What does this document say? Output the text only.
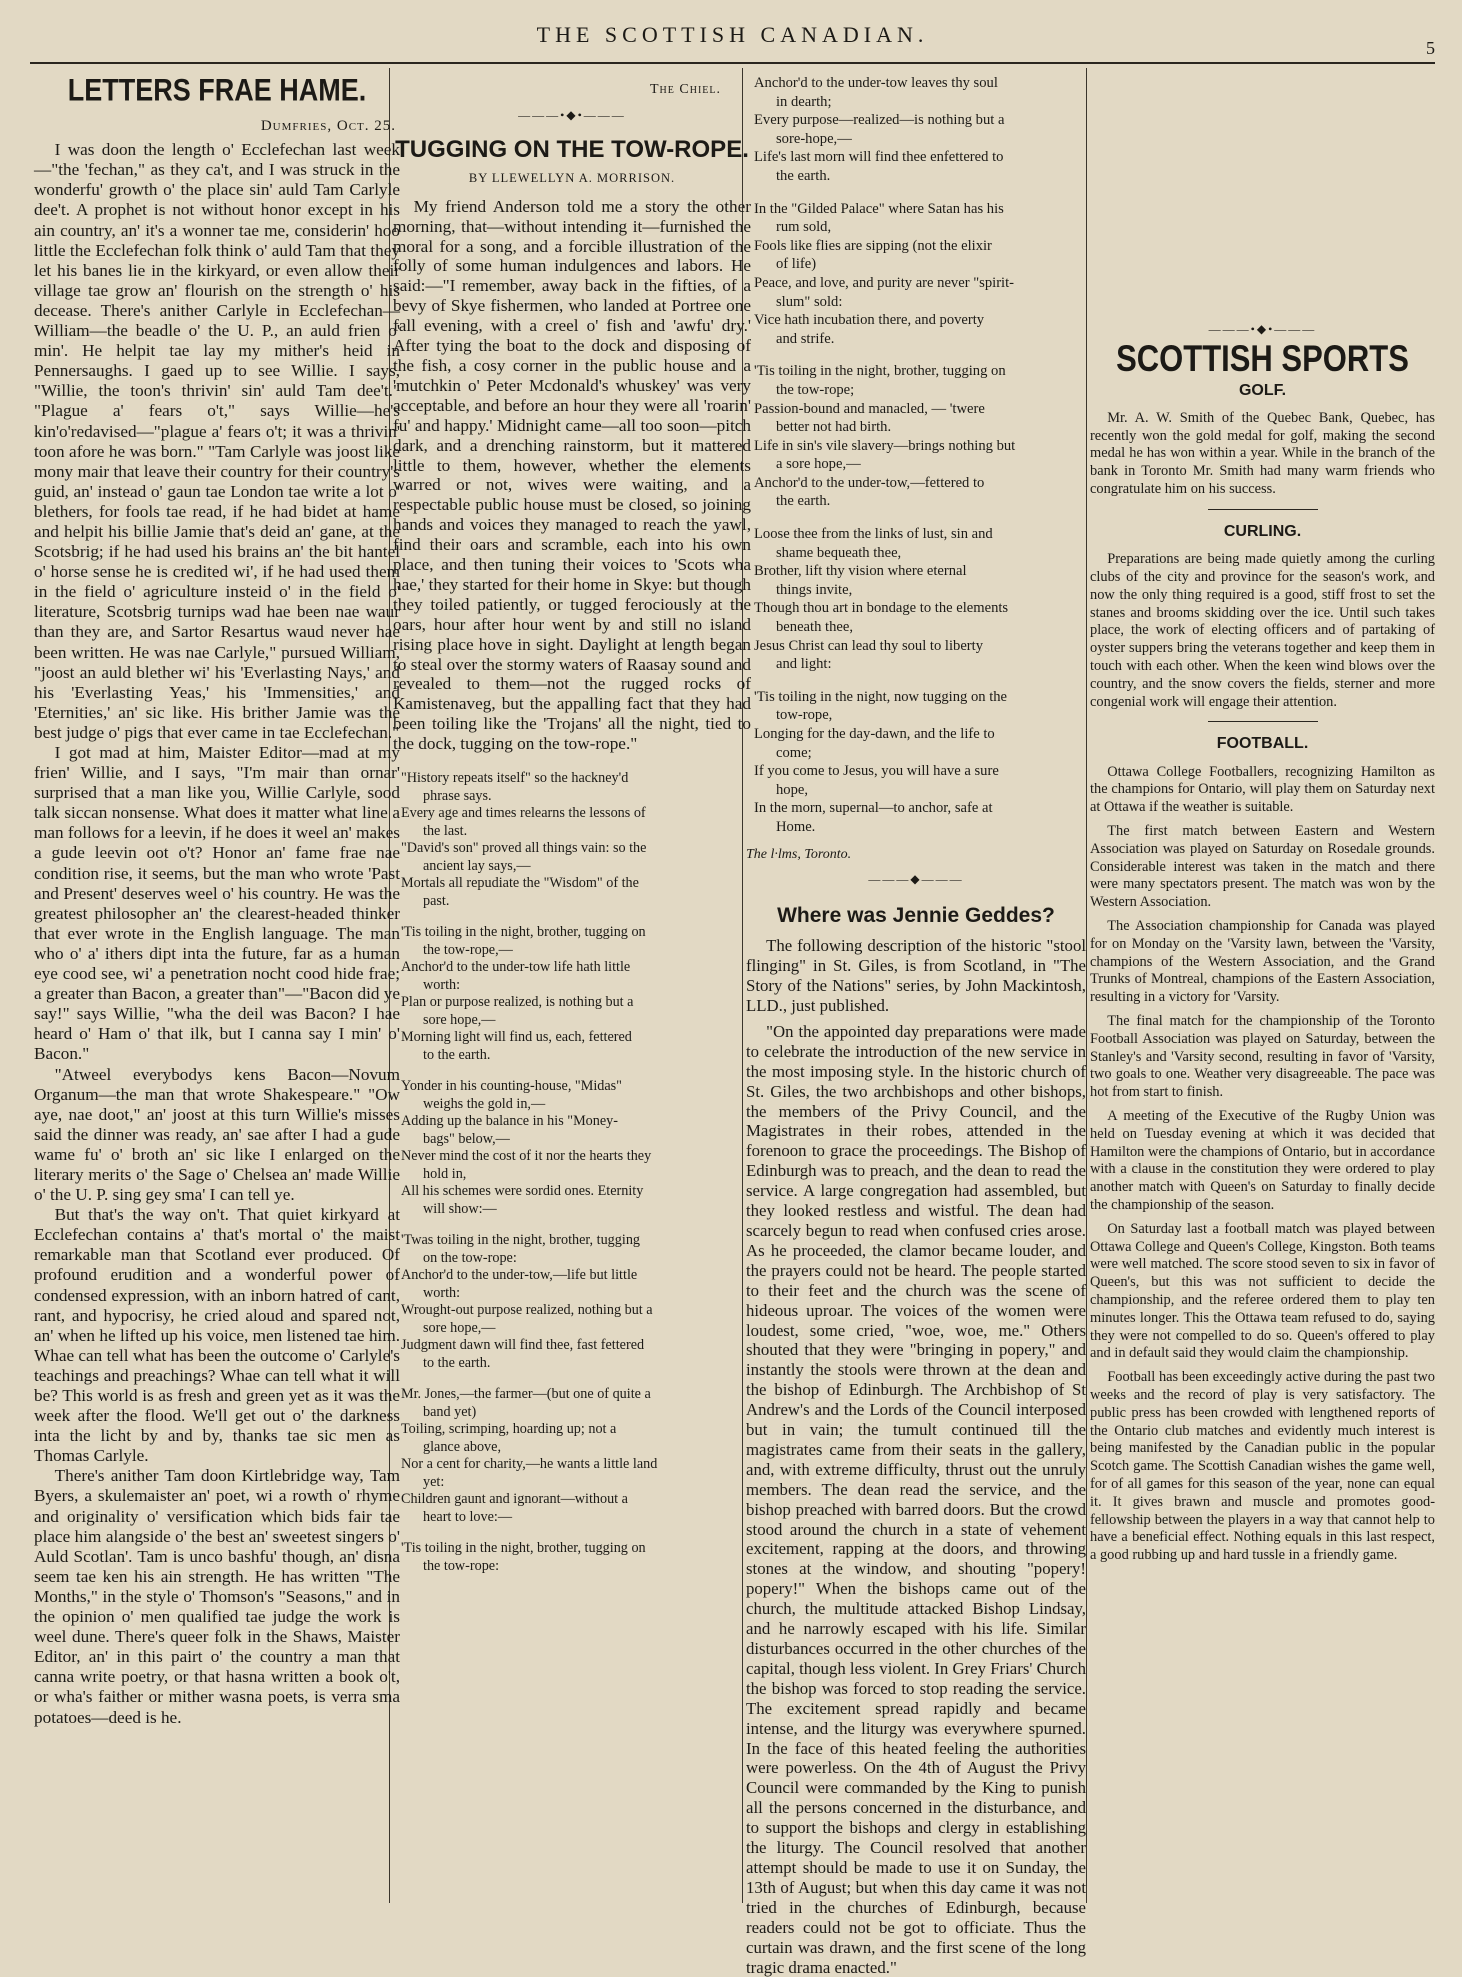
THE SCOTTISH CANADIAN.
5
LETTERS FRAE HAME.
Dumfries, Oct. 25.

I was doon the length o' Ecclefechan last week—"the 'fechan," as they ca't, and I was struck in the wonderfu' growth o' the place sin' auld Tam Carlyle dee't. A prophet is not without honor except in his ain country, an' it's a wonner tae me, considerin' hoo little the Ecclefechan folk think o' auld Tam that they let his banes lie in the kirkyard, or even allow their village tae grow an' flourish on the strength o' his decease. There's anither Carlyle in Ecclefechan—William—the beadle o' the U. P., an auld frien o' min'. He helpit tae lay my mither's heid in Pennersaughs. I gaed up to see Willie. I says, "Willie, the toon's thrivin' sin' auld Tam dee't." "Plague a' fears o't," says Willie—he's kin'o'redavised—"plague a' fears o't; it was a thrivin' toon afore he was born." "Tam Carlyle was joost like mony mair that leave their country for their country's guid, an' instead o' gaun tae London tae write a lot o' blethers, for fools tae read, if he had bidet at hame and helpit his billie Jamie that's deid an' gane, at the Scotsbrig; if he had used his brains an' the bit hantel o' horse sense he is credited wi', if he had used them in the field o' agriculture insteid o' in the field o' literature, Scotsbrig turnips wad hae been nae waur than they are, and Sartor Resartus waud never hae been written. He was nae Carlyle," pursued William, "joost an auld blether wi' his 'Everlasting Nays,' and his 'Everlasting Yeas,' his 'Immensities,' and 'Eternities,' an' sic like. His brither Jamie was the best judge o' pigs that ever came in tae Ecclefechan."

I got mad at him, Maister Editor—mad at my frien' Willie, and I says, "I'm mair than ornar' surprised that a man like you, Willie Carlyle, sood talk siccan nonsense. What does it matter what line a man follows for a leevin, if he does it weel an' makes a gude leevin oot o't? Honor an' fame frae nae condition rise, it seems, but the man who wrote 'Past and Present' deserves weel o' his country. He was the greatest philosopher an' the clearest-headed thinker that ever wrote in the English language. The man who o' a' ithers dipt inta the future, far as a human eye cood see, wi' a penetration nocht cood hide frae; a greater than Bacon, a greater than"—"Bacon did ye say!" says Willie, "wha the deil was Bacon? I hae heard o' Ham o' that ilk, but I canna say I min' o' Bacon."

"Atweel everybodys kens Bacon—Novum Organum—the man that wrote Shakespeare." "Ow aye, nae doot," an' joost at this turn Willie's misses said the dinner was ready, an' sae after I had a gude wame fu' o' broth an' sic like I enlarged on the literary merits o' the Sage o' Chelsea an' made Willie o' the U. P. sing gey sma' I can tell ye.

But that's the way on't. That quiet kirkyard at Ecclefechan contains a' that's mortal o' the maist remarkable man that Scotland ever produced. Of profound erudition and a wonderful power of condensed expression, with an inborn hatred of cant, rant, and hypocrisy, he cried aloud and spared not, an' when he lifted up his voice, men listened tae him. Whae can tell what has been the outcome o' Carlyle's teachings and preachings? Whae can tell what it will be? This world is as fresh and green yet as it was the week after the flood. We'll get out o' the darkness inta the licht by and by, thanks tae sic men as Thomas Carlyle.

There's anither Tam doon Kirtlebridge way, Tam Byers, a skulemaister an' poet, wi a rowth o' rhyme and originality o' versification which bids fair tae place him alangside o' the best an' sweetest singers o' Auld Scotlan'. Tam is unco bashfu' though, an' disna seem tae ken his ain strength. He has written "The Months," in the style o' Thomson's "Seasons," and in the opinion o' men qualified tae judge the work is weel dune. There's queer folk in the Shaws, Maister Editor, an' in this pairt o' the country a man that canna write poetry, or that hasna written a book o't, or wha's faither or mither wasna poets, is verra sma potatoes—deed is he.

The Chiel.
———•◆•———
TUGGING ON THE TOW-ROPE.
BY LLEWELLYN A. MORRISON.

My friend Anderson told me a story the other morning, that—without intending it—furnished the moral for a song, and a forcible illustration of the folly of some human indulgences and labors. He said:—"I remember, away back in the fifties, of a bevy of Skye fishermen, who landed at Portree one fall evening, with a creel o' fish and 'awfu' dry.' After tying the boat to the dock and disposing of the fish, a cosy corner in the public house and a 'mutchkin o' Peter Mcdonald's whuskey' was very acceptable, and before an hour they were all 'roarin' fu' and happy.' Midnight came—all too soon—pitch dark, and a drenching rainstorm, but it mattered little to them, however, whether the elements warred or not, wives were waiting, and a respectable public house must be closed, so joining hands and voices they managed to reach the yawl, find their oars and scramble, each into his own place, and then tuning their voices to 'Scots wha hae,' they started for their home in Skye: but though they toiled patiently, or tugged ferociously at the oars, hour after hour went by and still no island rising place hove in sight. Daylight at length began to steal over the stormy waters of Raasay sound and revealed to them—not the rugged rocks of Kamistenaveg, but the appalling fact that they had been toiling like the 'Trojans' all the night, tied to the dock, tugging on the tow-rope."

"History repeats itself" so the hackney'd
phrase says.
Every age and times relearns the lessons of
the last.
"David's son" proved all things vain: so the
ancient lay says,—
Mortals all repudiate the "Wisdom" of the
past.
'Tis toiling in the night, brother, tugging on
the tow-rope,—
Anchor'd to the under-tow life hath little
worth:
Plan or purpose realized, is nothing but a
sore hope,—
Morning light will find us, each, fettered
to the earth.
Yonder in his counting-house, "Midas"
weighs the gold in,—
Adding up the balance in his "Money-
bags" below,—
Never mind the cost of it nor the hearts they
hold in,
All his schemes were sordid ones. Eternity
will show:—
'Twas toiling in the night, brother, tugging
on the tow-rope:
Anchor'd to the under-tow,—life but little
worth:
Wrought-out purpose realized, nothing but a
sore hope,—
Judgment dawn will find thee, fast fettered
to the earth.
Mr. Jones,—the farmer—(but one of quite a
band yet)
Toiling, scrimping, hoarding up; not a
glance above,
Nor a cent for charity,—he wants a little land
yet:
Children gaunt and ignorant—without a
heart to love:—
'Tis toiling in the night, brother, tugging on
the tow-rope:
Anchor'd to the under-tow leaves thy soul
in dearth;
Every purpose—realized—is nothing but a
sore-hope,—
Life's last morn will find thee enfettered to
the earth.
In the "Gilded Palace" where Satan has his
rum sold,
Fools like flies are sipping (not the elixir
of life)
Peace, and love, and purity are never "spirit-
slum" sold:
Vice hath incubation there, and poverty
and strife.
'Tis toiling in the night, brother, tugging on
the tow-rope;
Passion-bound and manacled, — 'twere
better not had birth.
Life in sin's vile slavery—brings nothing but
a sore hope,—
Anchor'd to the under-tow,—fettered to
the earth.
Loose thee from the links of lust, sin and
shame bequeath thee,
Brother, lift thy vision where eternal
things invite,
Though thou art in bondage to the elements
beneath thee,
Jesus Christ can lead thy soul to liberty
and light:
'Tis toiling in the night, now tugging on the
tow-rope,
Longing for the day-dawn, and the life to
come;
If you come to Jesus, you will have a sure
hope,
In the morn, supernal—to anchor, safe at
Home.
The l·lms, Toronto.
———◆———
Where was Jennie Geddes?

The following description of the historic "stool flinging" in St. Giles, is from Scotland, in "The Story of the Nations" series, by John Mackintosh, LLD., just published.

"On the appointed day preparations were made to celebrate the introduction of the new service in the most imposing style. In the historic church of St. Giles, the two archbishops and other bishops, the members of the Privy Council, and the Magistrates in their robes, attended in the forenoon to grace the proceedings. The Bishop of Edinburgh was to preach, and the dean to read the service. A large congregation had assembled, but they looked restless and wistful. The dean had scarcely begun to read when confused cries arose. As he proceeded, the clamor became louder, and the prayers could not be heard. The people started to their feet and the church was the scene of hideous uproar. The voices of the women were loudest, some cried, "woe, woe, me." Others shouted that they were "bringing in popery," and instantly the stools were thrown at the dean and the bishop of Edinburgh. The Archbishop of St Andrew's and the Lords of the Council interposed but in vain; the tumult continued till the magistrates came from their seats in the gallery, and, with extreme difficulty, thrust out the unruly members. The dean read the service, and the bishop preached with barred doors. But the crowd stood around the church in a state of vehement excitement, rapping at the doors, and throwing stones at the window, and shouting "popery! popery!" When the bishops came out of the church, the multitude attacked Bishop Lindsay, and he narrowly escaped with his life. Similar disturbances occurred in the other churches of the capital, though less violent. In Grey Friars' Church the bishop was forced to stop reading the service. The excitement spread rapidly and became intense, and the liturgy was everywhere spurned. In the face of this heated feeling the authorities were powerless. On the 4th of August the Privy Council were commanded by the King to punish all the persons concerned in the disturbance, and to support the bishops and clergy in establishing the liturgy. The Council resolved that another attempt should be made to use it on Sunday, the 13th of August; but when this day came it was not tried in the churches of Edinburgh, because readers could not be got to officiate. Thus the curtain was drawn, and the first scene of the long tragic drama enacted."

———•◆•———
SCOTTISH SPORTS
GOLF.

Mr. A. W. Smith of the Quebec Bank, Quebec, has recently won the gold medal for golf, making the second medal he has won within a year. While in the branch of the bank in Toronto Mr. Smith had many warm friends who congratulate him on his success.

CURLING.

Preparations are being made quietly among the curling clubs of the city and province for the season's work, and now the only thing required is a good, stiff frost to set the stanes and brooms skidding over the ice. Until such takes place, the work of electing officers and of partaking of oyster suppers bring the veterans together and keep them in touch with each other. When the keen wind blows over the country, and the snow covers the fields, sterner and more congenial work will engage their attention.

FOOTBALL.

Ottawa College Footballers, recognizing Hamilton as the champions for Ontario, will play them on Saturday next at Ottawa if the weather is suitable.

The first match between Eastern and Western Association was played on Saturday on Rosedale grounds. Considerable interest was taken in the match and there were many spectators present. The match was won by the Western Association.

The Association championship for Canada was played for on Monday on the 'Varsity lawn, between the 'Varsity, champions of the Western Association, and the Grand Trunks of Montreal, champions of the Eastern Association, resulting in a victory for 'Varsity.

The final match for the championship of the Toronto Football Association was played on Saturday, between the Stanley's and 'Varsity second, resulting in favor of 'Varsity, two goals to one. Weather very disagreeable. The pace was hot from start to finish.

A meeting of the Executive of the Rugby Union was held on Tuesday evening at which it was decided that Hamilton were the champions of Ontario, but in accordance with a clause in the constitution they were ordered to play another match with Queen's on Saturday to finally decide the championship of the season.

On Saturday last a football match was played between Ottawa College and Queen's College, Kingston. Both teams were well matched. The score stood seven to six in favor of Queen's, but this was not sufficient to decide the championship, and the referee ordered them to play ten minutes longer. This the Ottawa team refused to do, saying they were not compelled to do so. Queen's offered to play and in default said they would claim the championship.

Football has been exceedingly active during the past two weeks and the record of play is very satisfactory. The public press has been crowded with lengthened reports of the Ontario club matches and evidently much interest is being manifested by the Canadian public in the popular Scotch game. The Scottish Canadian wishes the game well, for of all games for this season of the year, none can equal it. It gives brawn and muscle and promotes good-fellowship between the players in a way that cannot help to have a beneficial effect. Nothing equals in this last respect, a good rubbing up and hard tussle in a friendly game.
